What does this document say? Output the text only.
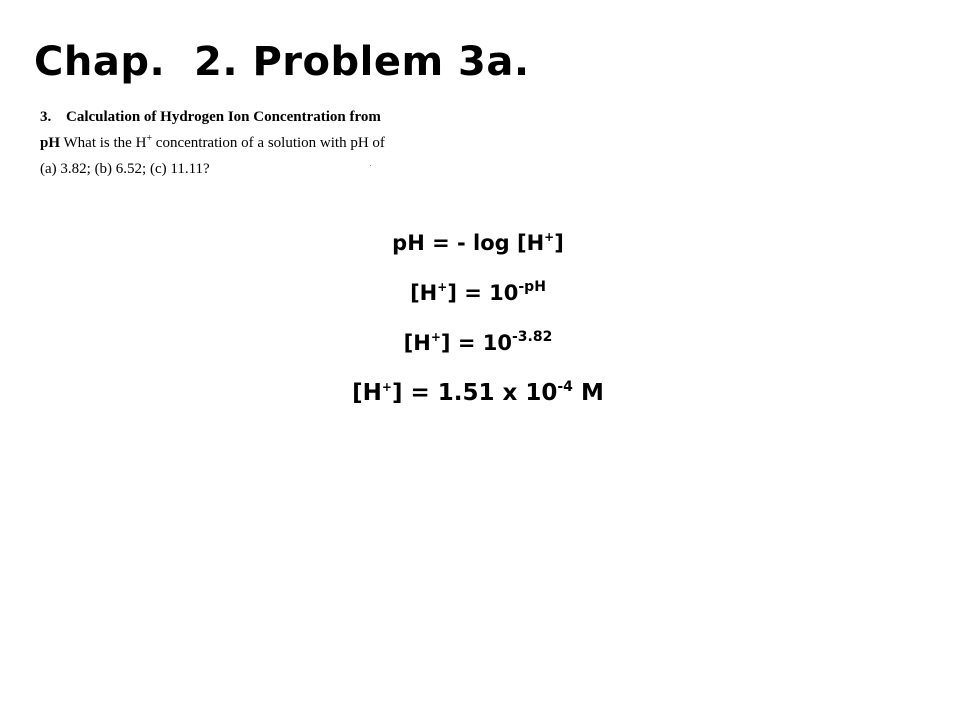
Chap.  2. Problem 3a.
3. Calculation of Hydrogen Ion Concentration from
pH What is the H+ concentration of a solution with pH of
(a) 3.82; (b) 6.52; (c) 11.11?
pH = - log [H+]
$[H^+] = 10^{-pH}$
$[H^+] = 10^{-3.82}$
[H+] = 1.51 x $10^{-4}$ M
